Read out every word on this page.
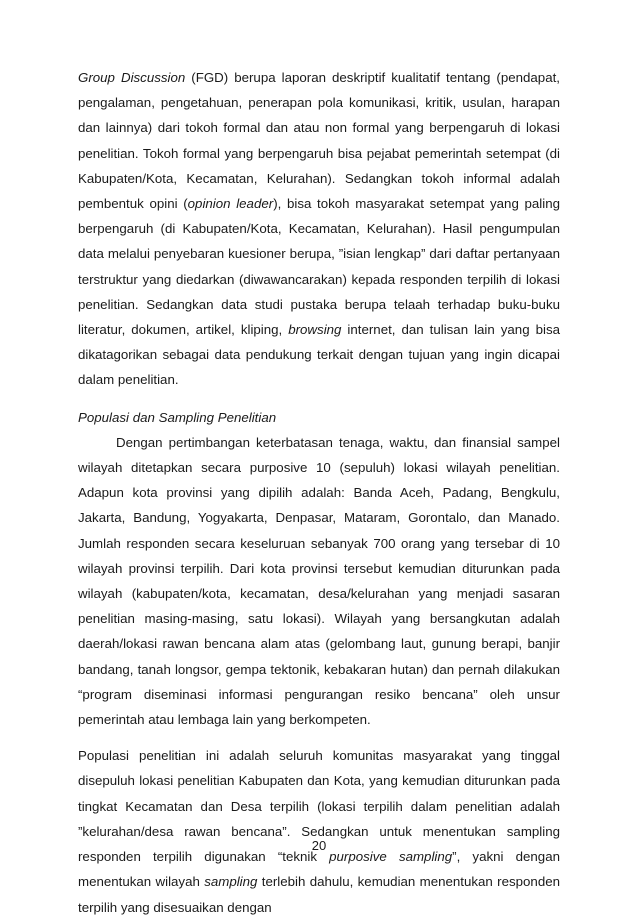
Group Discussion (FGD) berupa laporan deskriptif kualitatif tentang (pendapat, pengalaman, pengetahuan, penerapan pola komunikasi, kritik, usulan, harapan dan lainnya) dari tokoh formal dan atau non formal yang berpengaruh di lokasi penelitian. Tokoh formal yang berpengaruh bisa pejabat pemerintah setempat (di Kabupaten/Kota, Kecamatan, Kelurahan). Sedangkan tokoh informal adalah pembentuk opini (opinion leader), bisa tokoh masyarakat setempat yang paling berpengaruh (di Kabupaten/Kota, Kecamatan, Kelurahan). Hasil pengumpulan data melalui penyebaran kuesioner berupa, ”isian lengkap” dari daftar pertanyaan terstruktur yang diedarkan (diwawancarakan) kepada responden terpilih di lokasi penelitian. Sedangkan data studi pustaka berupa telaah terhadap buku-buku literatur, dokumen, artikel, kliping, browsing internet, dan tulisan lain yang bisa dikatagorikan sebagai data pendukung terkait dengan tujuan yang ingin dicapai dalam penelitian.

Populasi dan Sampling Penelitian

Dengan pertimbangan keterbatasan tenaga, waktu, dan finansial sampel wilayah ditetapkan secara purposive 10 (sepuluh) lokasi wilayah penelitian. Adapun kota provinsi yang dipilih adalah: Banda Aceh, Padang, Bengkulu, Jakarta, Bandung, Yogyakarta, Denpasar, Mataram, Gorontalo, dan Manado. Jumlah responden secara keseluruan sebanyak 700 orang yang tersebar di 10 wilayah provinsi terpilih. Dari kota provinsi tersebut kemudian diturunkan pada wilayah (kabupaten/kota, kecamatan, desa/kelurahan yang menjadi sasaran penelitian masing-masing, satu lokasi). Wilayah yang bersangkutan adalah daerah/lokasi rawan bencana alam atas (gelombang laut, gunung berapi, banjir bandang, tanah longsor, gempa tektonik, kebakaran hutan) dan pernah dilakukan “program diseminasi informasi pengurangan resiko bencana” oleh unsur pemerintah atau lembaga lain yang berkompeten.

Populasi penelitian ini adalah seluruh komunitas masyarakat yang tinggal disepuluh lokasi penelitian Kabupaten dan Kota, yang kemudian diturunkan pada tingkat Kecamatan dan Desa terpilih (lokasi terpilih dalam penelitian adalah ”kelurahan/desa rawan bencana”. Sedangkan untuk menentukan sampling responden terpilih digunakan “teknik purposive sampling”, yakni dengan menentukan wilayah sampling terlebih dahulu, kemudian menentukan responden terpilih yang disesuaikan dengan

20
